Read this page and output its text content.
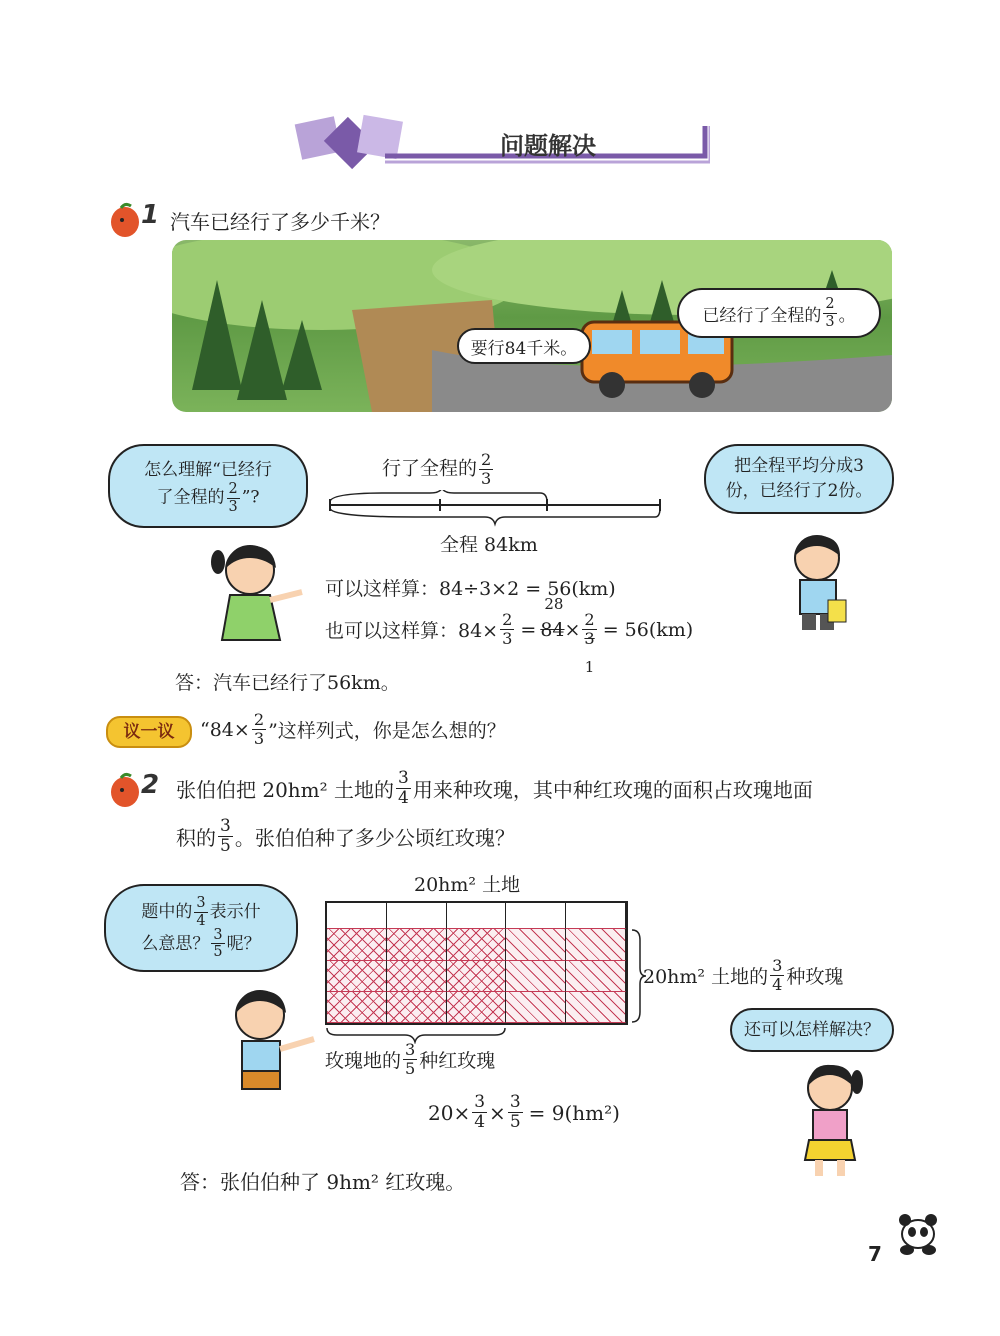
问题解决
1 汽车已经行了多少千米？
要行84千米。
已经行了全程的 $\frac{2}{3}$ 。
怎么理解“已经行
了全程的 $\frac{2}{3}$ ”?
把全程平均分成3
份，已经行了2份。
行了全程的 $\frac{2}{3}$
全程 84km
可以这样算：84÷3×2 = 56(km)
也可以这样算：$84\times \frac{2}{3} = 84$
28
× 2
3
1
= 56(km)
答：汽车已经行了56km。
议一议	“$84\times \frac{2}{3}$ ”这样列式，你是怎么想的？
2 张伯伯把 20hm² 土地的 $\frac{3}{4}$ 用来种玫瑰，其中种红玫瑰的面积占玫瑰地面
积的 $\frac{3}{5}$ 。张伯伯种了多少公顷红玫瑰？
题中的 $\frac{3}{4}$ 表示什
么意思？ $\frac{3}{5}$ 呢？
20hm² 土地
20hm² 土地的 $\frac{3}{4}$ 种玫瑰
玫瑰地的 $\frac{3}{5}$ 种红玫瑰
还可以怎样解决？
$20\times \frac{3}{4} \times \frac{3}{5} = 9(hm^2)$
答：张伯伯种了 9hm² 红玫瑰。
7
